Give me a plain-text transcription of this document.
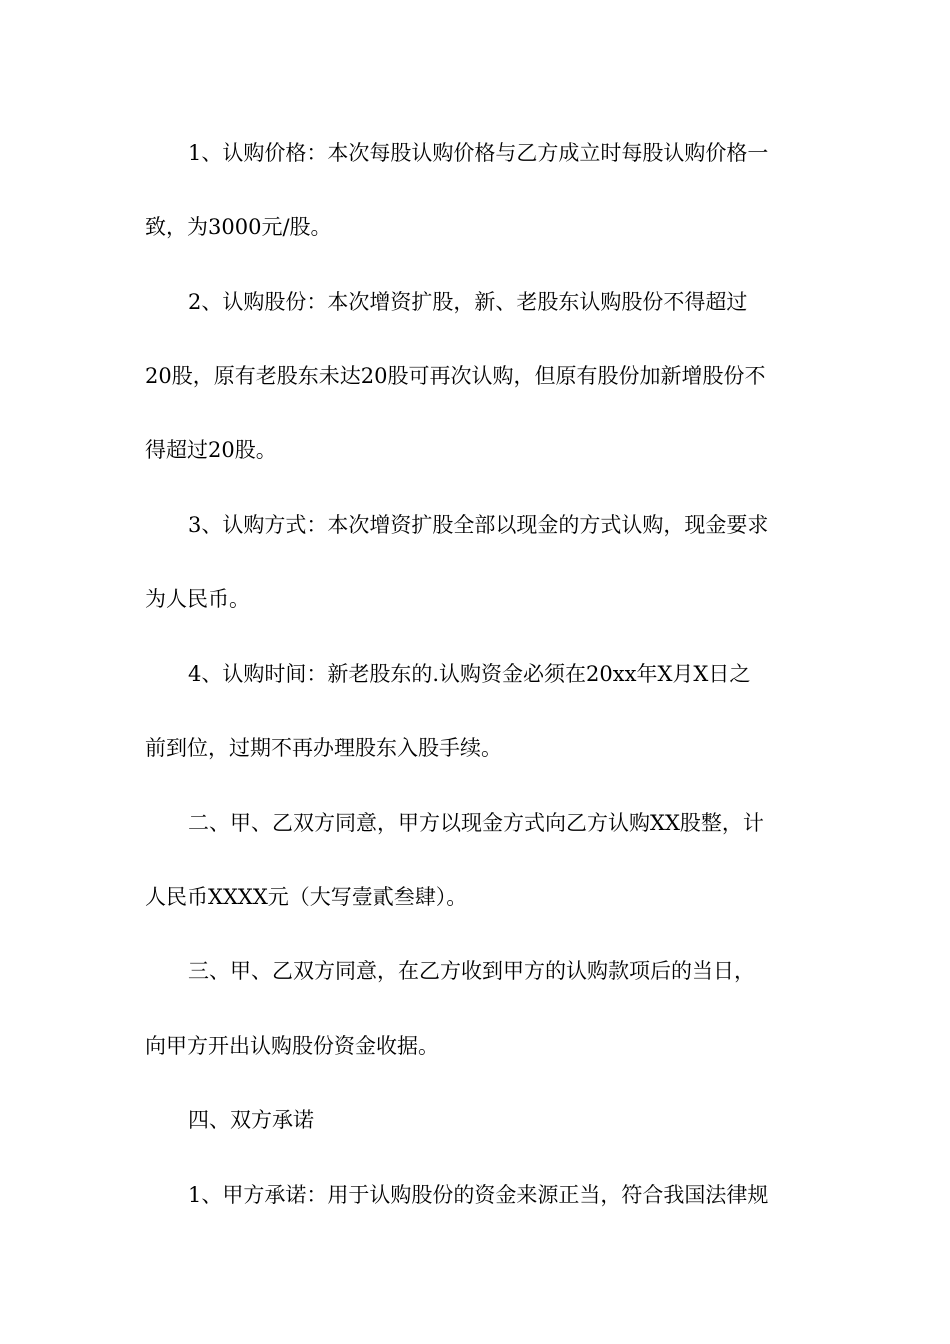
1、认购价格：本次每股认购价格与乙方成立时每股认购价格一
致，为3000元/股。
2、认购股份：本次增资扩股，新、老股东认购股份不得超过
20股，原有老股东未达20股可再次认购，但原有股份加新增股份不
得超过20股。
3、认购方式：本次增资扩股全部以现金的方式认购，现金要求
为人民币。
4、认购时间：新老股东的.认购资金必须在20xx年X月X日之
前到位，过期不再办理股东入股手续。
二、甲、乙双方同意，甲方以现金方式向乙方认购XX股整，计
人民币XXXX元（大写壹貳叁肆）。
三、甲、乙双方同意，在乙方收到甲方的认购款项后的当日，
向甲方开出认购股份资金收据。
四、双方承诺
1、甲方承诺：用于认购股份的资金来源正当，符合我国法律规
